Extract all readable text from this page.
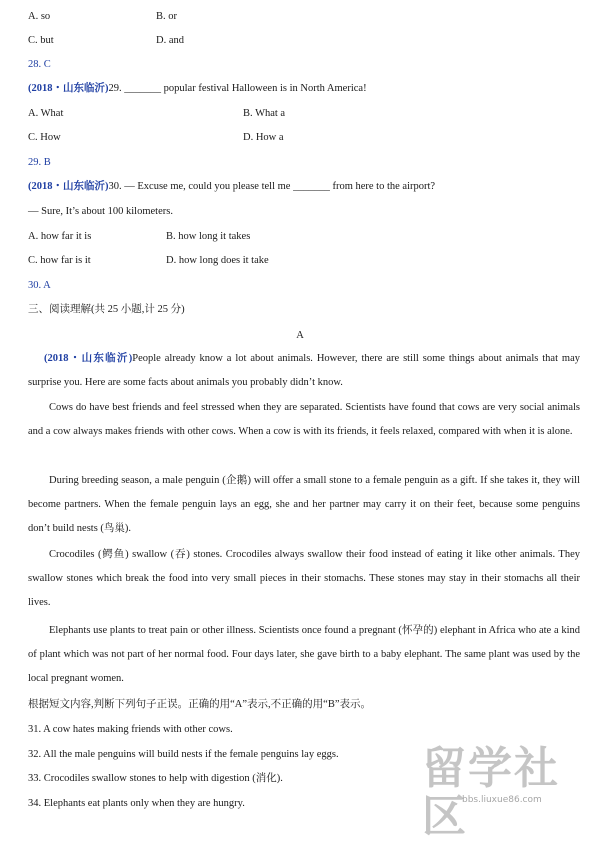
A. so	B. or
C. but	D. and
28. C
(2018・山东临沂)29. _______ popular festival Halloween is in North America!
A. What	B. What a
C. How	D. How a
29. B
(2018・山东临沂)30. — Excuse me, could you please tell me _______ from here to the airport?
— Sure, It’s about 100 kilometers.
A. how far it is	B. how long it takes
C. how far is it	D. how long does it take
30. A
三、阅读理解(共 25 小题,计 25 分)
A
(2018・山东临沂)People already know a lot about animals. However, there are still some things about animals that may surprise you. Here are some facts about animals you probably didn’t know.
Cows do have best friends and feel stressed when they are separated. Scientists have found that cows are very social animals and a cow always makes friends with other cows. When a cow is with its friends, it feels relaxed, compared with when it is alone.
During breeding season, a male penguin (企鹅) will offer a small stone to a female penguin as a gift. If she takes it, they will become partners. When the female penguin lays an egg, she and her partner may carry it on their feet, because some penguins don’t build nests (鸟巢).
Crocodiles (鳄鱼) swallow (吞) stones. Crocodiles always swallow their food instead of eating it like other animals. They swallow stones which break the food into very small pieces in their stomachs. These stones may stay in their stomachs all their lives.
Elephants use plants to treat pain or other illness. Scientists once found a pregnant (怀孕的) elephant in Africa who ate a kind of plant which was not part of her normal food. Four days later, she gave birth to a baby elephant. The same plant was used by the local pregnant women.
根据短文内容,判断下列句子正误。正确的用“A”表示,不正确的用“B”表示。
31. A cow hates making friends with other cows.
32. All the male penguins will build nests if the female penguins lay eggs.
33. Crocodiles swallow stones to help with digestion (消化).
34. Elephants eat plants only when they are hungry.
留学社区
bbs.liuxue86.com
